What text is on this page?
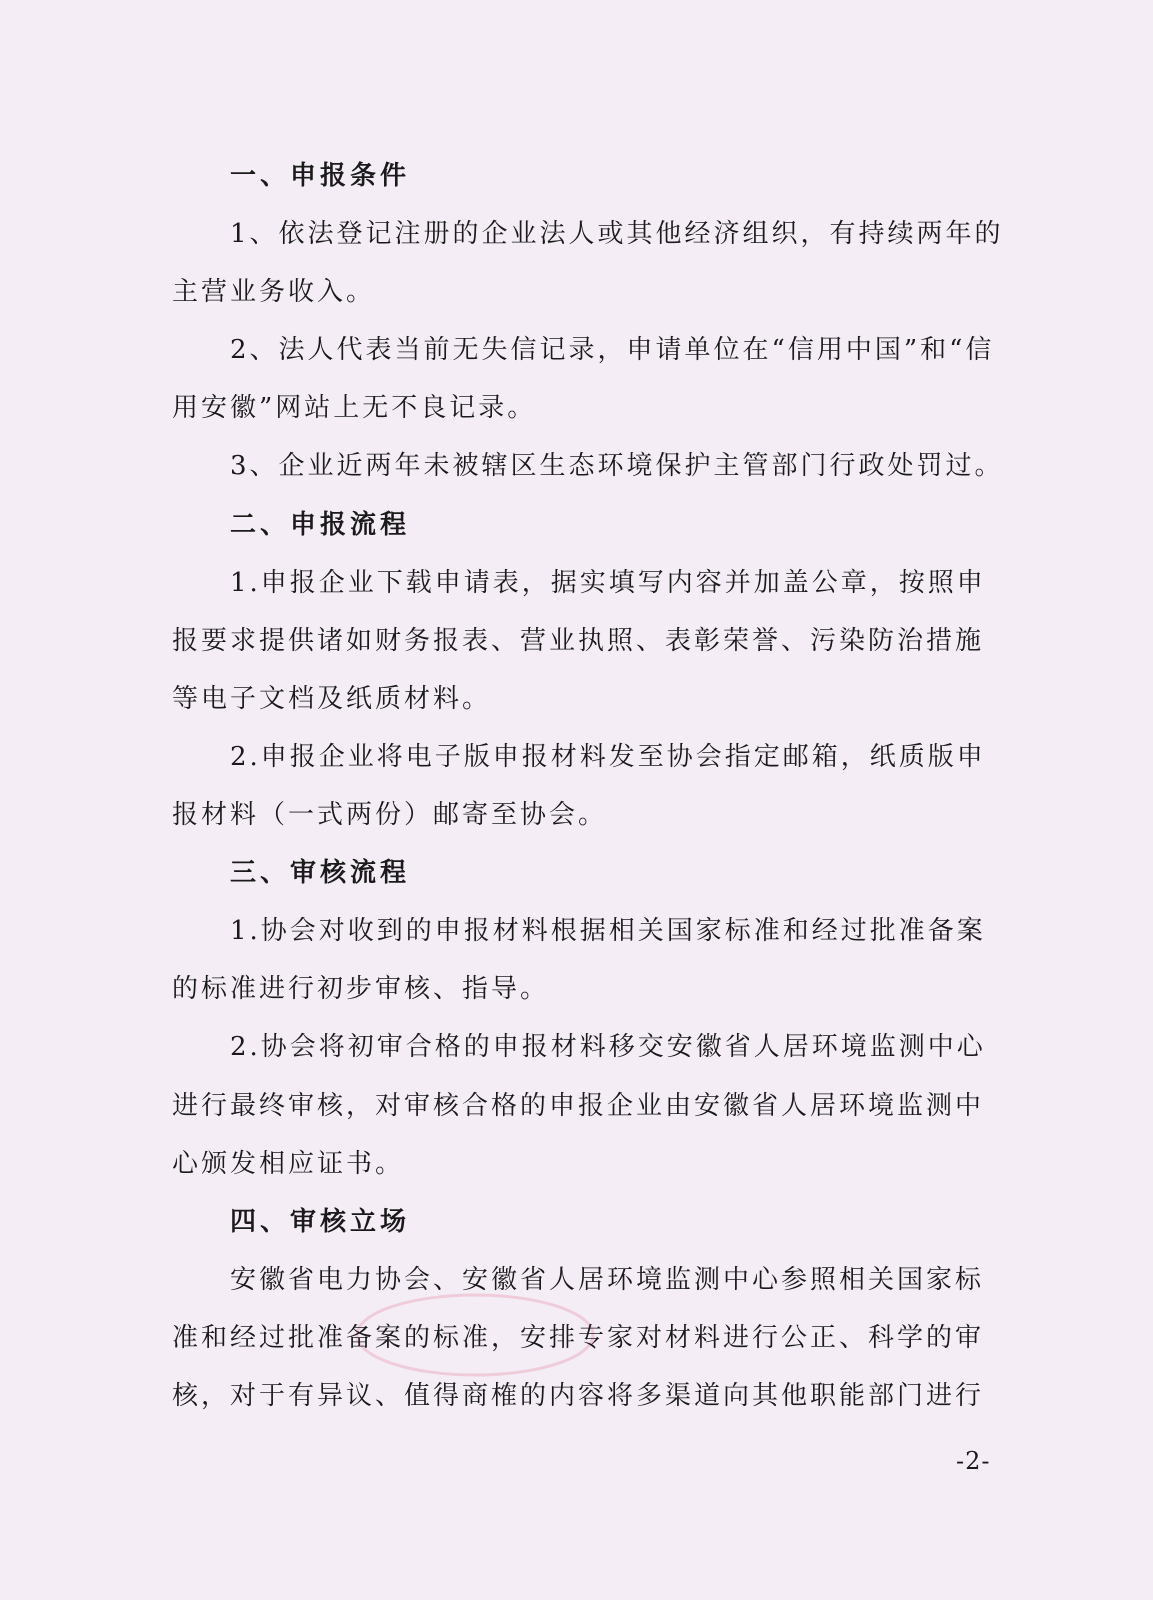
一、申报条件
1、依法登记注册的企业法人或其他经济组织，有持续两年的
主营业务收入。
2、法人代表当前无失信记录，申请单位在“信用中国”和“信
用安徽”网站上无不良记录。
3、企业近两年未被辖区生态环境保护主管部门行政处罚过。
二、申报流程
1.申报企业下载申请表，据实填写内容并加盖公章，按照申
报要求提供诸如财务报表、营业执照、表彰荣誉、污染防治措施
等电子文档及纸质材料。
2.申报企业将电子版申报材料发至协会指定邮箱，纸质版申
报材料（一式两份）邮寄至协会。
三、审核流程
1.协会对收到的申报材料根据相关国家标准和经过批准备案
的标准进行初步审核、指导。
2.协会将初审合格的申报材料移交安徽省人居环境监测中心
进行最终审核，对审核合格的申报企业由安徽省人居环境监测中
心颁发相应证书。
四、审核立场
安徽省电力协会、安徽省人居环境监测中心参照相关国家标
准和经过批准备案的标准，安排专家对材料进行公正、科学的审
核，对于有异议、值得商榷的内容将多渠道向其他职能部门进行
-2-
